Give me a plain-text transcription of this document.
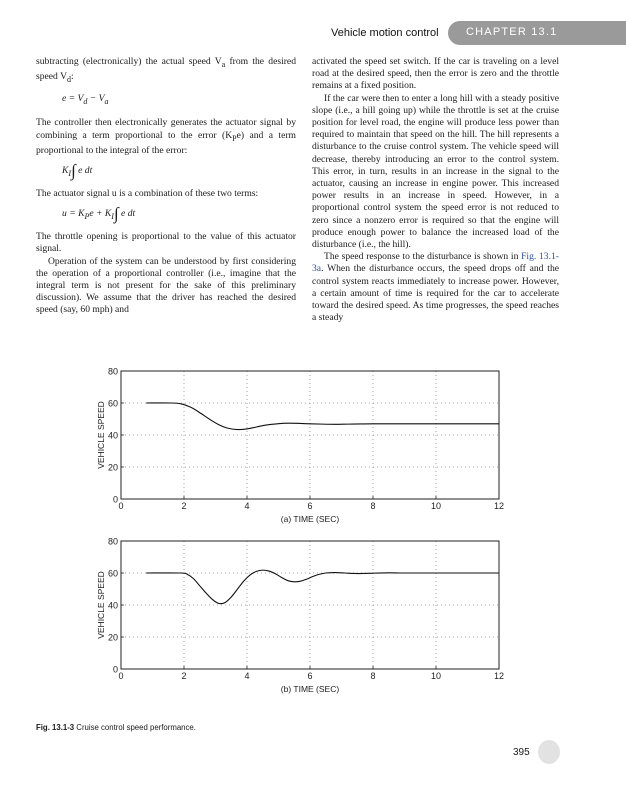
Vehicle motion control CHAPTER 13.1

subtracting (electronically) the actual speed $V_a$ from the desired speed $V_d$:

$e = V_d - V_a$

The controller then electronically generates the actuator signal by combining a term proportional to the error $(K_Pe)$ and a term proportional to the integral of the error:

$K_I\int$ e dt

The actuator signal u is a combination of these two terms:

$u = K_Pe + K_I\int$ e dt

The throttle opening is proportional to the value of this actuator signal.

Operation of the system can be understood by first considering the operation of a proportional controller (i.e., imagine that the integral term is not present for the sake of this preliminary discussion). We assume that the driver has reached the desired speed (say, 60 mph) and

activated the speed set switch. If the car is traveling on a level road at the desired speed, then the error is zero and the throttle remains at a fixed position.

If the car were then to enter a long hill with a steady positive slope (i.e., a hill going up) while the throttle is set at the cruise position for level road, the engine will produce less power than required to maintain that speed on the hill. The hill represents a disturbance to the cruise control system. The vehicle speed will decrease, thereby introducing an error to the control system. This error, in turn, results in an increase in the signal to the actuator, causing an increase in engine power. This increased power results in an increase in speed. However, in a proportional control system the speed error is not reduced to zero since a nonzero error is required so that the engine will produce enough power to balance the increased load of the disturbance (i.e., the hill).

The speed response to the disturbance is shown in Fig. 13.1-3a. When the disturbance occurs, the speed drops off and the control system reacts immediately to increase power. However, a certain amount of time is required for the car to accelerate toward the desired speed. As time progresses, the speed reaches a steady

0	2	4	6	8	10	12
0
20
40
60
80
VEHICLE SPEED
(a) TIME (SEC)
0	2	4	6	8	10	12
0
20
40
60
80
VEHICLE SPEED
(b) TIME (SEC)
Fig. 13.1-3 Cruise control speed performance.
395
